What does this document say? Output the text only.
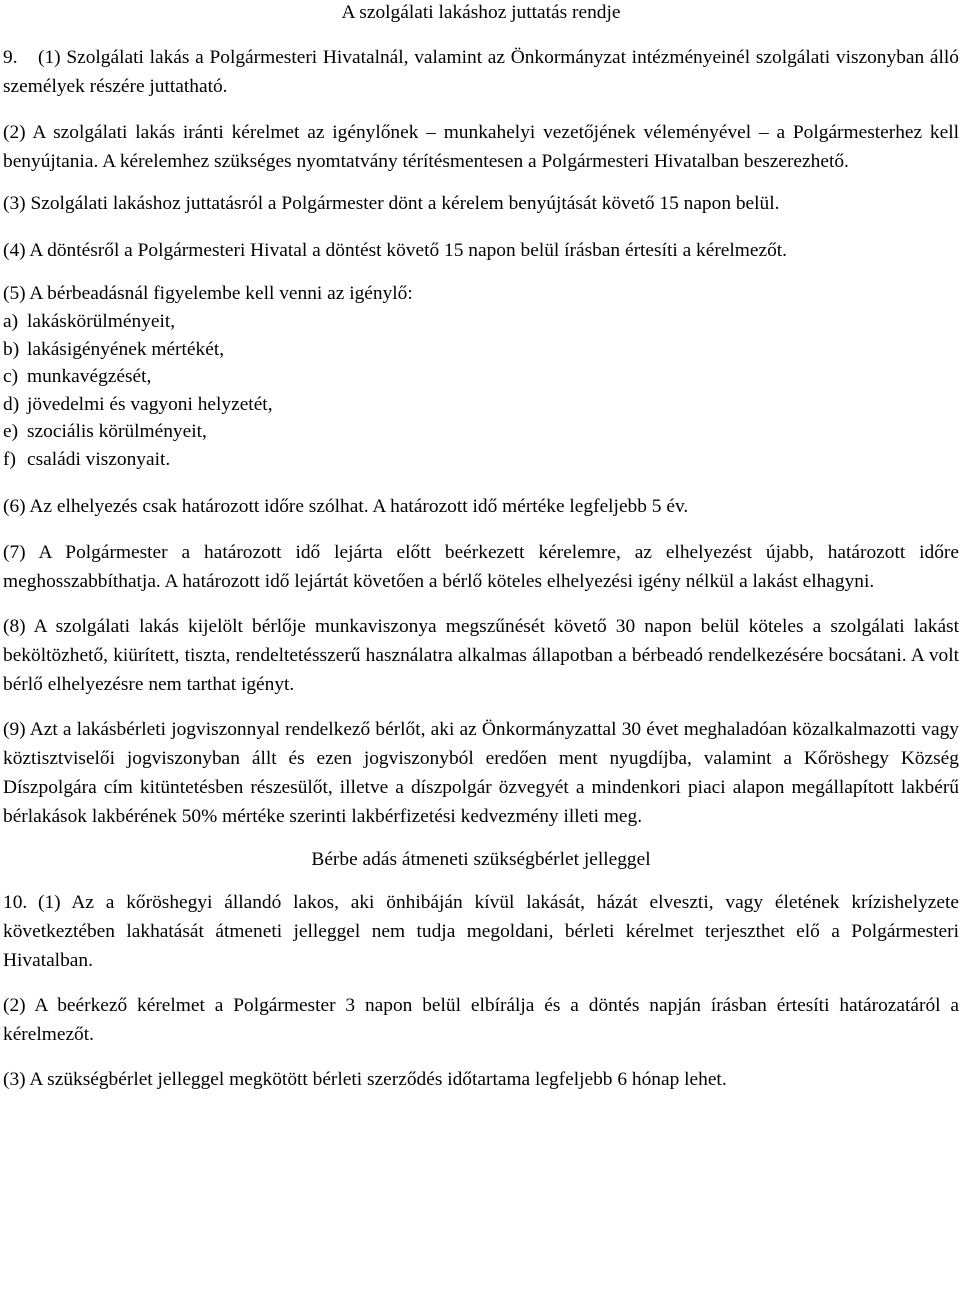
A szolgálati lakáshoz juttatás rendje

9. (1) Szolgálati lakás a Polgármesteri Hivatalnál, valamint az Önkormányzat intézményeinél szolgálati viszonyban álló személyek részére juttatható.

(2) A szolgálati lakás iránti kérelmet az igénylőnek – munkahelyi vezetőjének véleményével – a Polgármesterhez kell benyújtania. A kérelemhez szükséges nyomtatvány térítésmentesen a Polgármesteri Hivatalban beszerezhető.

(3) Szolgálati lakáshoz juttatásról a Polgármester dönt a kérelem benyújtását követő 15 napon belül.

(4) A döntésről a Polgármesteri Hivatal a döntést követő 15 napon belül írásban értesíti a kérelmezőt.

(5) A bérbeadásnál figyelembe kell venni az igénylő:

a) lakáskörülményeit,
b) lakásigényének mértékét,
c) munkavégzését,
d) jövedelmi és vagyoni helyzetét,
e) szociális körülményeit,
f) családi viszonyait.

(6) Az elhelyezés csak határozott időre szólhat. A határozott idő mértéke legfeljebb 5 év.

(7) A Polgármester a határozott idő lejárta előtt beérkezett kérelemre, az elhelyezést újabb, határozott időre meghosszabbíthatja. A határozott idő lejártát követően a bérlő köteles elhelyezési igény nélkül a lakást elhagyni.

(8) A szolgálati lakás kijelölt bérlője munkaviszonya megszűnését követő 30 napon belül köteles a szolgálati lakást beköltözhető, kiürített, tiszta, rendeltetésszerű használatra alkalmas állapotban a bérbeadó rendelkezésére bocsátani. A volt bérlő elhelyezésre nem tarthat igényt.

(9) Azt a lakásbérleti jogviszonnyal rendelkező bérlőt, aki az Önkormányzattal 30 évet meghaladóan közalkalmazotti vagy köztisztviselői jogviszonyban állt és ezen jogviszonyból eredően ment nyugdíjba, valamint a Kőröshegy Község Díszpolgára cím kitüntetésben részesülőt, illetve a díszpolgár özvegyét a mindenkori piaci alapon megállapított lakbérű bérlakások lakbérének 50% mértéke szerinti lakbérfizetési kedvezmény illeti meg.

Bérbe adás átmeneti szükségbérlet jelleggel

10. (1) Az a kőröshegyi állandó lakos, aki önhibáján kívül lakását, házát elveszti, vagy életének krízishelyzete következtében lakhatását átmeneti jelleggel nem tudja megoldani, bérleti kérelmet terjeszthet elő a Polgármesteri Hivatalban.

(2) A beérkező kérelmet a Polgármester 3 napon belül elbírálja és a döntés napján írásban értesíti határozatáról a kérelmezőt.

(3) A szükségbérlet jelleggel megkötött bérleti szerződés időtartama legfeljebb 6 hónap lehet.
